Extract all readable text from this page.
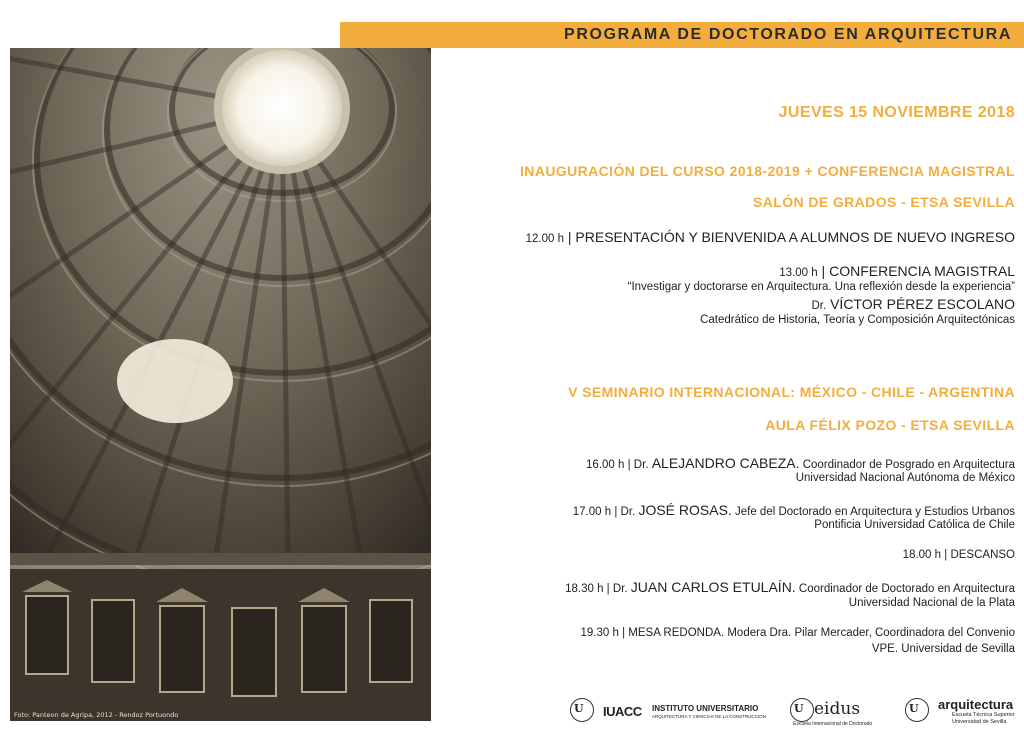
PROGRAMA DE DOCTORADO EN ARQUITECTURA
Foto: Panteon de Agripa, 2012 - Rendoz Portuondo
JUEVES 15 NOVIEMBRE 2018
INAUGURACIÓN DEL CURSO 2018-2019 + CONFERENCIA MAGISTRAL
SALÓN DE GRADOS - ETSA SEVILLA
12.00 h | PRESENTACIÓN Y BIENVENIDA A ALUMNOS DE NUEVO INGRESO
13.00 h | CONFERENCIA MAGISTRAL
“Investigar y doctorarse en Arquitectura. Una reflexión desde la experiencia”
Dr. VÍCTOR PÉREZ ESCOLANO
Catedrático de Historia, Teoría y Composición Arquitectónicas
V SEMINARIO INTERNACIONAL: MÉXICO - CHILE - ARGENTINA
AULA FÉLIX POZO - ETSA SEVILLA
16.00 h | Dr. ALEJANDRO CABEZA. Coordinador de Posgrado en Arquitectura
Universidad Nacional Autónoma de México
17.00 h | Dr. JOSÉ ROSAS. Jefe del Doctorado en Arquitectura y Estudios Urbanos
Pontificia Universidad Católica de Chile
18.00 h | DESCANSO
18.30 h | Dr. JUAN CARLOS ETULAÍN. Coordinador de Doctorado en Arquitectura
Universidad Nacional de la Plata
19.30 h | MESA REDONDA. Modera Dra. Pilar Mercader, Coordinadora del Convenio
VPE. Universidad de Sevilla
U IUACC INSTITUTO UNIVERSITARIO
ARQUITECTURA Y CIENCIAS DE LA CONSTRUCCIÓN
U eidus
Escuela Internacional de Doctorado
U arquitectura
Escuela Técnica Superior
Universidad de Sevilla
